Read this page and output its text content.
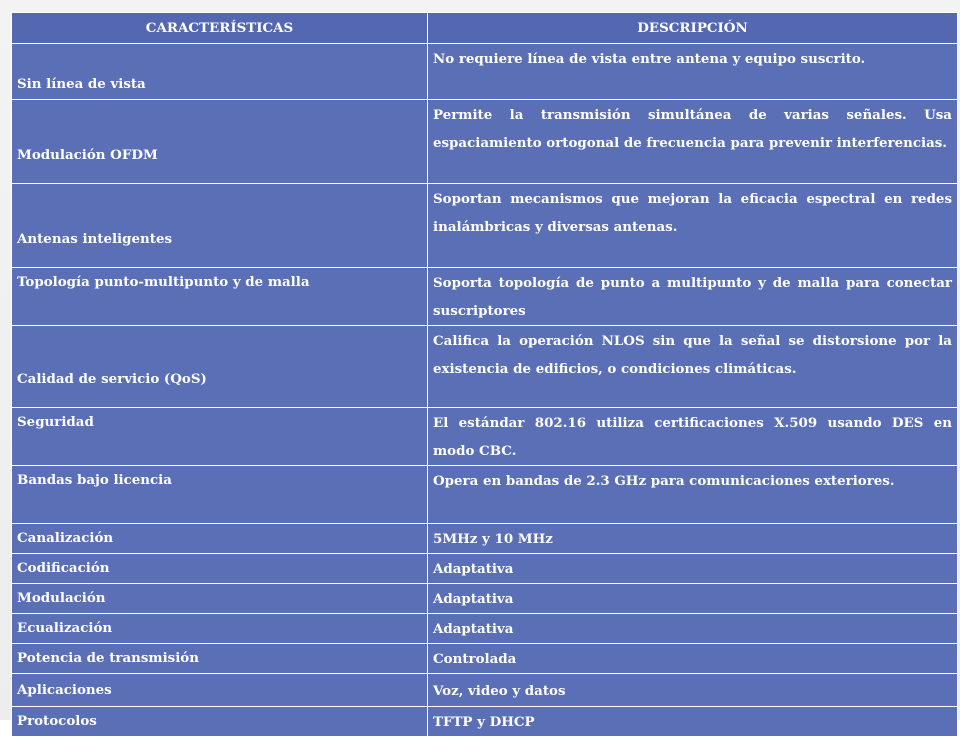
CARACTERÍSTICAS	DESCRIPCIÓN
Sin línea de vista	No requiere línea de vista entre antena y equipo suscrito.
Modulación OFDM	Permite la transmisión simultánea de varias señales. Usa espaciamiento ortogonal de frecuencia para prevenir interferencias.
Antenas inteligentes	Soportan mecanismos que mejoran la eficacia espectral en redes inalámbricas y diversas antenas.
Topología punto-multipunto y de malla	Soporta topología de punto a multipunto y de malla para conectar suscriptores
Calidad de servicio (QoS)	Califica la operación NLOS sin que la señal se distorsione por la existencia de edificios, o condiciones climáticas.
Seguridad	El estándar 802.16 utiliza certificaciones X.509 usando DES en modo CBC.
Bandas bajo licencia	Opera en bandas de 2.3 GHz para comunicaciones exteriores.
Canalización	5MHz y 10 MHz
Codificación	Adaptativa
Modulación	Adaptativa
Ecualización	Adaptativa
Potencia de transmisión	Controlada
Aplicaciones	Voz, video y datos
Protocolos	TFTP y DHCP
